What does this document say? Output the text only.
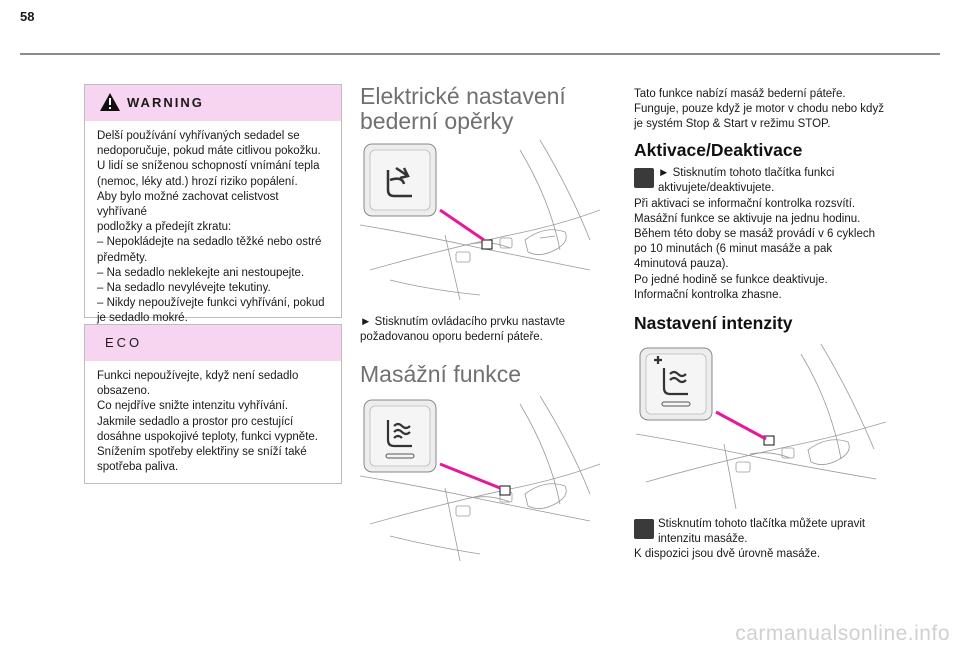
58
WARNING

Delší používání vyhřívaných sedadel se

nedoporučuje, pokud máte citlivou pokožku.

U lidí se sníženou schopností vnímání tepla

(nemoc, léky atd.) hrozí riziko popálení.

Aby bylo možné zachovat celistvost vyhřívané

podložky a předejít zkratu:

– Nepokládejte na sedadlo těžké nebo ostré

předměty.

– Na sedadlo neklekejte ani nestoupejte.

– Na sedadlo nevylévejte tekutiny.

– Nikdy nepoužívejte funkci vyhřívání, pokud

je sedadlo mokré.

ECO

Funkci nepoužívejte, když není sedadlo

obsazeno.

Co nejdříve snižte intenzitu vyhřívání.

Jakmile sedadlo a prostor pro cestující

dosáhne uspokojivé teploty, funkci vypněte.

Snížením spotřeby elektřiny se sníží také

spotřeba paliva.

Elektrické nastavení
bederní opěrky

► Stisknutím ovládacího prvku nastavte

požadovanou oporu bederní páteře.

Masážní funkce

Tato funkce nabízí masáž bederní páteře.

Funguje, pouze když je motor v chodu nebo když

je systém Stop & Start v režimu STOP.

Aktivace/Deaktivace

► Stisknutím tohoto tlačítka funkci

aktivujete/deaktivujete.

Při aktivaci se informační kontrolka rozsvítí.

Masážní funkce se aktivuje na jednu hodinu.

Během této doby se masáž provádí v 6 cyklech

po 10 minutách (6 minut masáže a pak

4minutová pauza).

Po jedné hodině se funkce deaktivuje.

Informační kontrolka zhasne.

Nastavení intenzity

Stisknutím tohoto tlačítka můžete upravit

intenzitu masáže.

K dispozici jsou dvě úrovně masáže.

carmanualsonline.info
